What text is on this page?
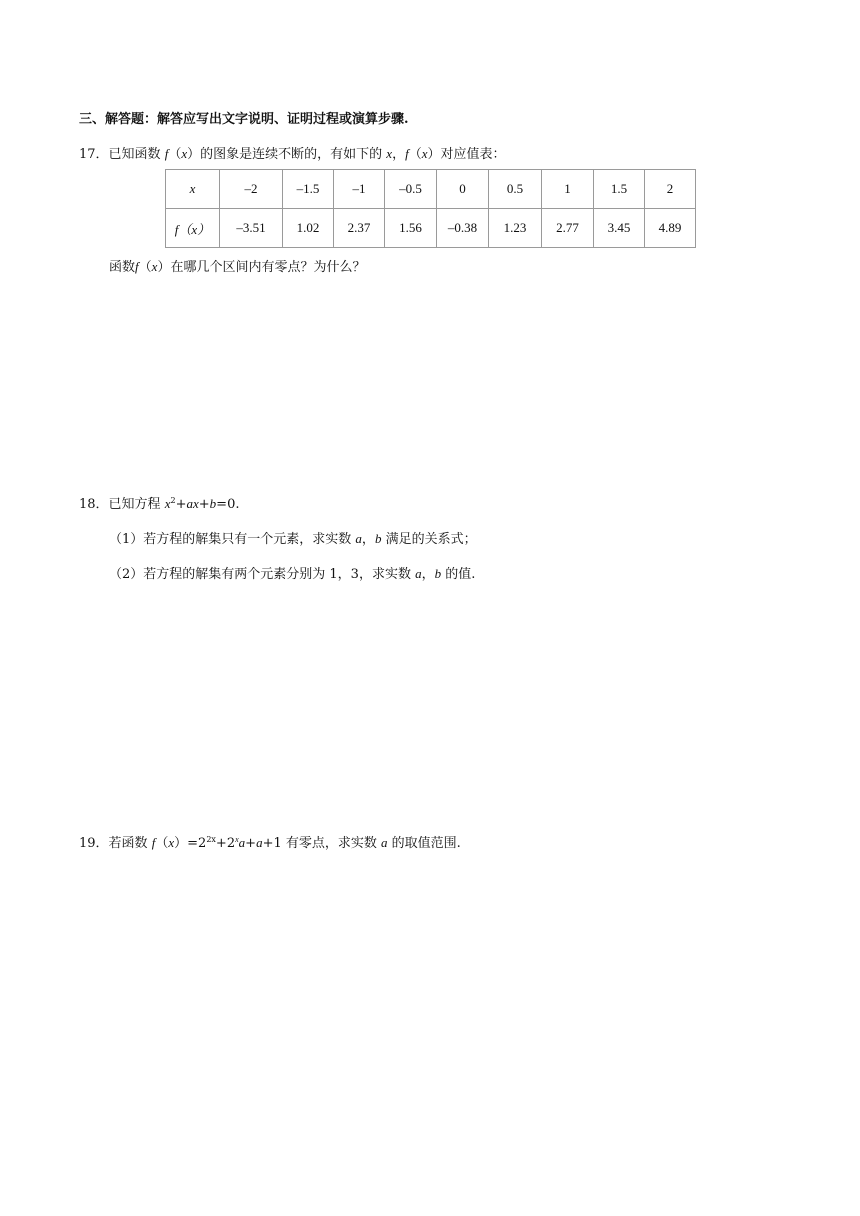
三、解答题：解答应写出文字说明、证明过程或演算步骤.
17．已知函数 f（x）的图象是连续不断的，有如下的 x，f（x）对应值表：
x	–2	–1.5	–1	–0.5	0	0.5	1	1.5	2
f（x）	–3.51	1.02	2.37	1.56	–0.38	1.23	2.77	3.45	4.89
函数f（x）在哪几个区间内有零点？为什么？
18．已知方程 $x^2+ax+b=0$.
（1）若方程的解集只有一个元素，求实数 a，b 满足的关系式；
（2）若方程的解集有两个元素分别为 1，3，求实数 a，b 的值.
19．若函数 $f(x)=2^{2x}+2^xa+a+1$ 有零点，求实数 a 的取值范围.
